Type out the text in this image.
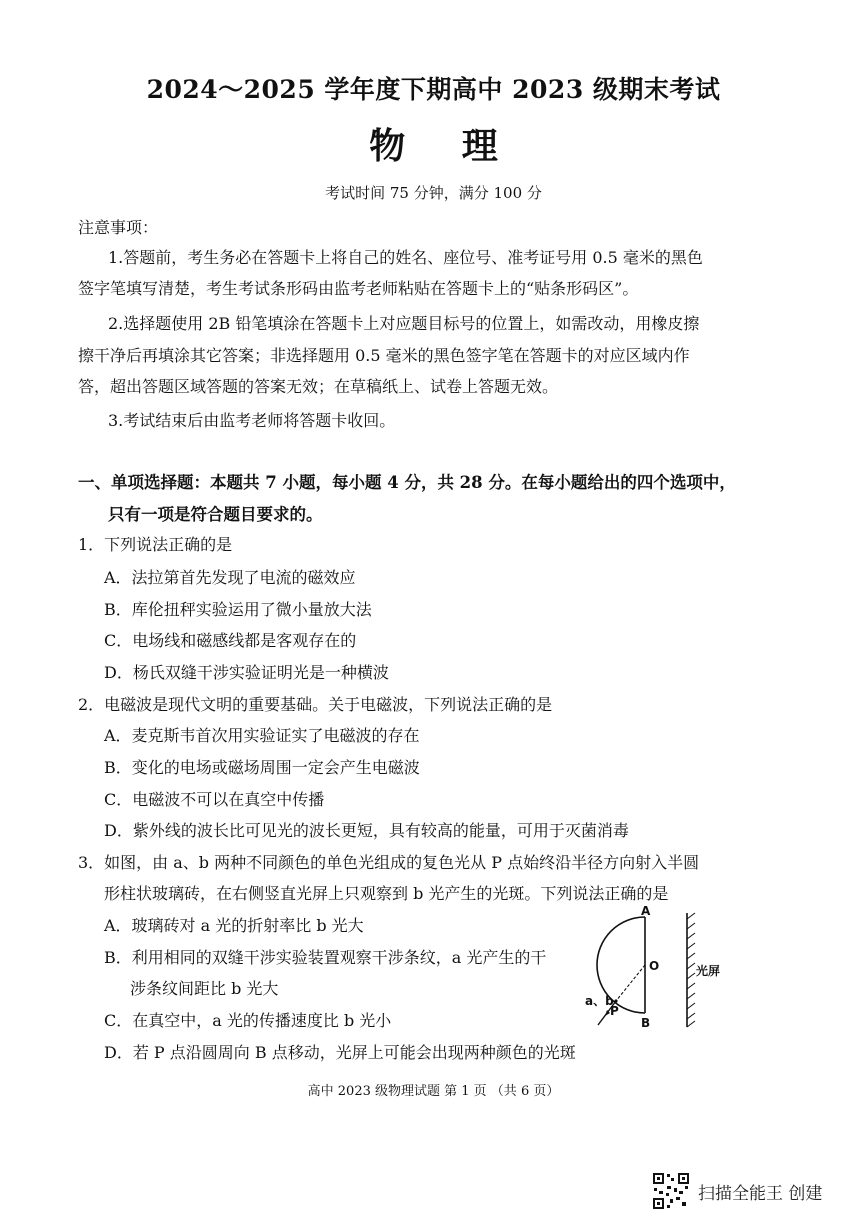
2024～2025 学年度下期高中 2023 级期末考试
物 理
考试时间 75 分钟，满分 100 分
注意事项：
1.答题前，考生务必在答题卡上将自己的姓名、座位号、准考证号用 0.5 毫米的黑色
签字笔填写清楚，考生考试条形码由监考老师粘贴在答题卡上的“贴条形码区”。
2.选择题使用 2B 铅笔填涂在答题卡上对应题目标号的位置上，如需改动，用橡皮擦
擦干净后再填涂其它答案；非选择题用 0.5 毫米的黑色签字笔在答题卡的对应区域内作
答，超出答题区域答题的答案无效；在草稿纸上、试卷上答题无效。
3.考试结束后由监考老师将答题卡收回。
一、单项选择题：本题共 7 小题，每小题 4 分，共 28 分。在每小题给出的四个选项中，
只有一项是符合题目要求的。
1．下列说法正确的是
A．法拉第首先发现了电流的磁效应
B．库伦扭秤实验运用了微小量放大法
C．电场线和磁感线都是客观存在的
D．杨氏双缝干涉实验证明光是一种横波
2．电磁波是现代文明的重要基础。关于电磁波，下列说法正确的是
A．麦克斯韦首次用实验证实了电磁波的存在
B．变化的电场或磁场周围一定会产生电磁波
C．电磁波不可以在真空中传播
D．紫外线的波长比可见光的波长更短，具有较高的能量，可用于灭菌消毒
3．如图，由 a、b 两种不同颜色的单色光组成的复色光从 P 点始终沿半径方向射入半圆
形柱状玻璃砖，在右侧竖直光屏上只观察到 b 光产生的光斑。下列说法正确的是
A．玻璃砖对 a 光的折射率比 b 光大
B．利用相同的双缝干涉实验装置观察干涉条纹，a 光产生的干
涉条纹间距比 b 光大
C．在真空中，a 光的传播速度比 b 光小
D．若 P 点沿圆周向 B 点移动，光屏上可能会出现两种颜色的光斑
A
O
B
P
a、b
光屏
高中 2023 级物理试题 第 1 页 （共 6 页）
扫描全能王 创建
